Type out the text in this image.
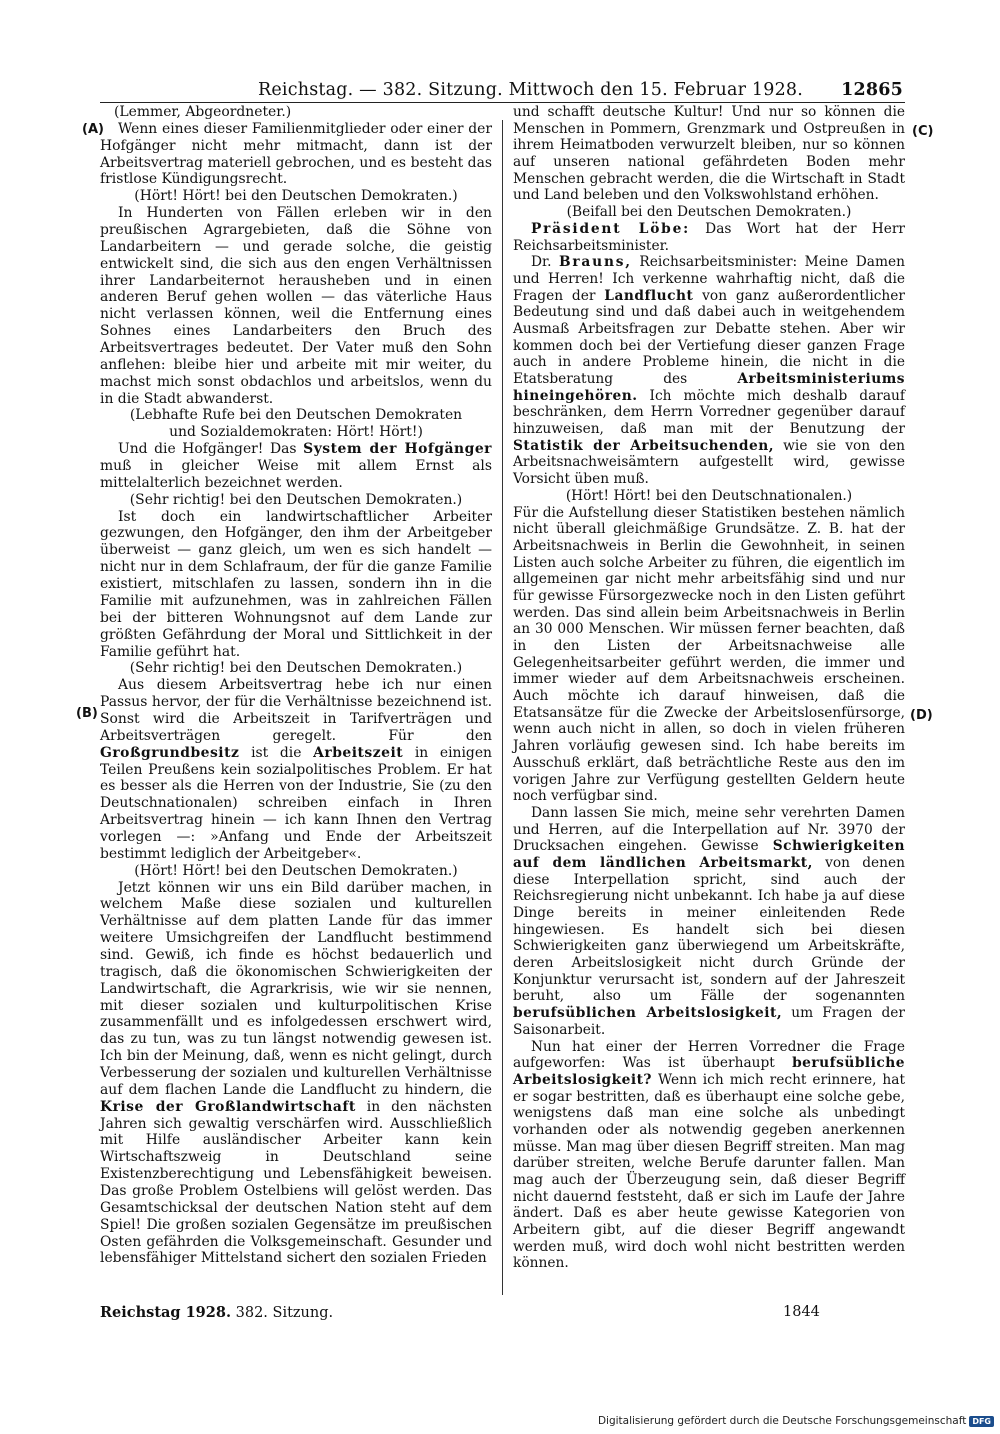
Reichstag. — 382. Sitzung. Mittwoch den 15. Februar 1928. 12865
(A)
(B)
(C)
(D)

(Lemmer, Abgeordneter.)

Wenn eines dieser Familienmitglieder oder einer der Hofgänger nicht mehr mitmacht, dann ist der Arbeitsvertrag materiell gebrochen, und es besteht das fristlose Kündigungsrecht.

(Hört! Hört! bei den Deutschen Demokraten.)

In Hunderten von Fällen erleben wir in den preußischen Agrargebieten, daß die Söhne von Landarbeitern — und gerade solche, die geistig entwickelt sind, die sich aus den engen Verhältnissen ihrer Landarbeiternot herausheben und in einen anderen Beruf gehen wollen — das väterliche Haus nicht verlassen können, weil die Entfernung eines Sohnes eines Landarbeiters den Bruch des Arbeitsvertrages bedeutet. Der Vater muß den Sohn anflehen: bleibe hier und arbeite mit mir weiter, du machst mich sonst obdachlos und arbeitslos, wenn du in die Stadt abwanderst.

(Lebhafte Rufe bei den Deutschen Demokraten

und Sozialdemokraten: Hört! Hört!)

Und die Hofgänger! Das System der Hofgänger muß in gleicher Weise mit allem Ernst als mittelalterlich bezeichnet werden.

(Sehr richtig! bei den Deutschen Demokraten.)

Ist doch ein landwirtschaftlicher Arbeiter gezwungen, den Hofgänger, den ihm der Arbeitgeber überweist — ganz gleich, um wen es sich handelt — nicht nur in dem Schlafraum, der für die ganze Familie existiert, mitschlafen zu lassen, sondern ihn in die Familie mit aufzunehmen, was in zahlreichen Fällen bei der bitteren Wohnungsnot auf dem Lande zur größten Gefährdung der Moral und Sittlichkeit in der Familie geführt hat.

(Sehr richtig! bei den Deutschen Demokraten.)

Aus diesem Arbeitsvertrag hebe ich nur einen Passus hervor, der für die Verhältnisse bezeichnend ist. Sonst wird die Arbeitszeit in Tarifverträgen und Arbeitsverträgen geregelt. Für den Großgrundbesitz ist die Arbeitszeit in einigen Teilen Preußens kein sozialpolitisches Problem. Er hat es besser als die Herren von der Industrie, Sie (zu den Deutschnationalen) schreiben einfach in Ihren Arbeitsvertrag hinein — ich kann Ihnen den Vertrag vorlegen —: »Anfang und Ende der Arbeitszeit bestimmt lediglich der Arbeitgeber«.

(Hört! Hört! bei den Deutschen Demokraten.)

Jetzt können wir uns ein Bild darüber machen, in welchem Maße diese sozialen und kulturellen Verhältnisse auf dem platten Lande für das immer weitere Umsichgreifen der Landflucht bestimmend sind. Gewiß, ich finde es höchst bedauerlich und tragisch, daß die ökonomischen Schwierigkeiten der Landwirtschaft, die Agrarkrisis, wie wir sie nennen, mit dieser sozialen und kulturpolitischen Krise zusammenfällt und es infolgedessen erschwert wird, das zu tun, was zu tun längst notwendig gewesen ist. Ich bin der Meinung, daß, wenn es nicht gelingt, durch Verbesserung der sozialen und kulturellen Verhältnisse auf dem flachen Lande die Landflucht zu hindern, die Krise der Großlandwirtschaft in den nächsten Jahren sich gewaltig verschärfen wird. Ausschließlich mit Hilfe ausländischer Arbeiter kann kein Wirtschaftszweig in Deutschland seine Existenzberechtigung und Lebensfähigkeit beweisen. Das große Problem Ostelbiens will gelöst werden. Das Gesamtschicksal der deutschen Nation steht auf dem Spiel! Die großen sozialen Gegensätze im preußischen Osten gefährden die Volksgemeinschaft. Gesunder und lebensfähiger Mittelstand sichert den sozialen Frieden

und schafft deutsche Kultur! Und nur so können die Menschen in Pommern, Grenzmark und Ostpreußen in ihrem Heimatboden verwurzelt bleiben, nur so können auf unseren national gefährdeten Boden mehr Menschen gebracht werden, die die Wirtschaft in Stadt und Land beleben und den Volkswohlstand erhöhen.

(Beifall bei den Deutschen Demokraten.)

Präsident Löbe: Das Wort hat der Herr Reichsarbeitsminister.

Dr. Brauns, Reichsarbeitsminister: Meine Damen und Herren! Ich verkenne wahrhaftig nicht, daß die Fragen der Landflucht von ganz außerordentlicher Bedeutung sind und daß dabei auch in weitgehendem Ausmaß Arbeitsfragen zur Debatte stehen. Aber wir kommen doch bei der Vertiefung dieser ganzen Frage auch in andere Probleme hinein, die nicht in die Etatsberatung des	Arbeitsministeriums hineingehören. Ich möchte mich deshalb darauf beschränken, dem Herrn Vorredner gegenüber darauf hinzuweisen, daß man mit der Benutzung der Statistik der Arbeitsuchenden, wie sie von den Arbeitsnachweisämtern aufgestellt wird, gewisse Vorsicht üben muß.

(Hört! Hört! bei den Deutschnationalen.)

Für die Aufstellung dieser Statistiken bestehen nämlich nicht überall gleichmäßige Grundsätze. Z. B. hat der Arbeitsnachweis in Berlin die Gewohnheit, in seinen Listen auch solche Arbeiter zu führen, die eigentlich im allgemeinen gar nicht mehr arbeitsfähig sind und nur für gewisse Fürsorgezwecke noch in den Listen geführt werden. Das sind allein beim Arbeitsnachweis in Berlin an 30 000 Menschen. Wir müssen ferner beachten, daß in den Listen der Arbeitsnachweise alle Gelegenheitsarbeiter geführt werden, die immer und immer wieder auf dem Arbeitsnachweis erscheinen. Auch möchte ich darauf hinweisen, daß die Etatsansätze für die Zwecke der Arbeitslosenfürsorge, wenn auch nicht in allen, so doch in vielen früheren Jahren vorläufig gewesen sind. Ich habe bereits im Ausschuß erklärt, daß beträchtliche Reste aus den im vorigen Jahre zur Verfügung gestellten Geldern heute noch verfügbar sind.

Dann lassen Sie mich, meine sehr verehrten Damen und Herren, auf die Interpellation auf Nr. 3970 der Drucksachen eingehen. Gewisse Schwierigkeiten auf dem ländlichen Arbeitsmarkt, von denen diese Interpellation spricht, sind auch der Reichsregierung nicht unbekannt. Ich habe ja auf diese Dinge bereits in meiner einleitenden Rede hingewiesen. Es handelt sich bei diesen Schwierigkeiten ganz überwiegend um Arbeitskräfte, deren Arbeitslosigkeit nicht durch Gründe der Konjunktur verursacht ist, sondern auf der Jahreszeit beruht, also um Fälle der sogenannten berufsüblichen Arbeitslosigkeit, um Fragen der Saisonarbeit.

Nun hat einer der Herren Vorredner die Frage aufgeworfen: Was ist überhaupt berufsübliche Arbeitslosigkeit? Wenn ich mich recht erinnere, hat er sogar bestritten, daß es überhaupt eine solche gebe, wenigstens daß man eine solche als unbedingt vorhanden oder als notwendig gegeben anerkennen müsse. Man mag über diesen Begriff streiten. Man mag darüber streiten, welche Berufe darunter fallen. Man mag auch der Überzeugung sein, daß dieser Begriff nicht dauernd feststeht, daß er sich im Laufe der Jahre ändert. Daß es aber heute gewisse Kategorien von Arbeitern gibt, auf die dieser Begriff angewandt werden muß, wird doch wohl nicht bestritten werden können.

Reichstag 1928. 382. Sitzung.	1844
Digitalisierung gefördert durch die Deutsche Forschungsgemeinschaft DFG
